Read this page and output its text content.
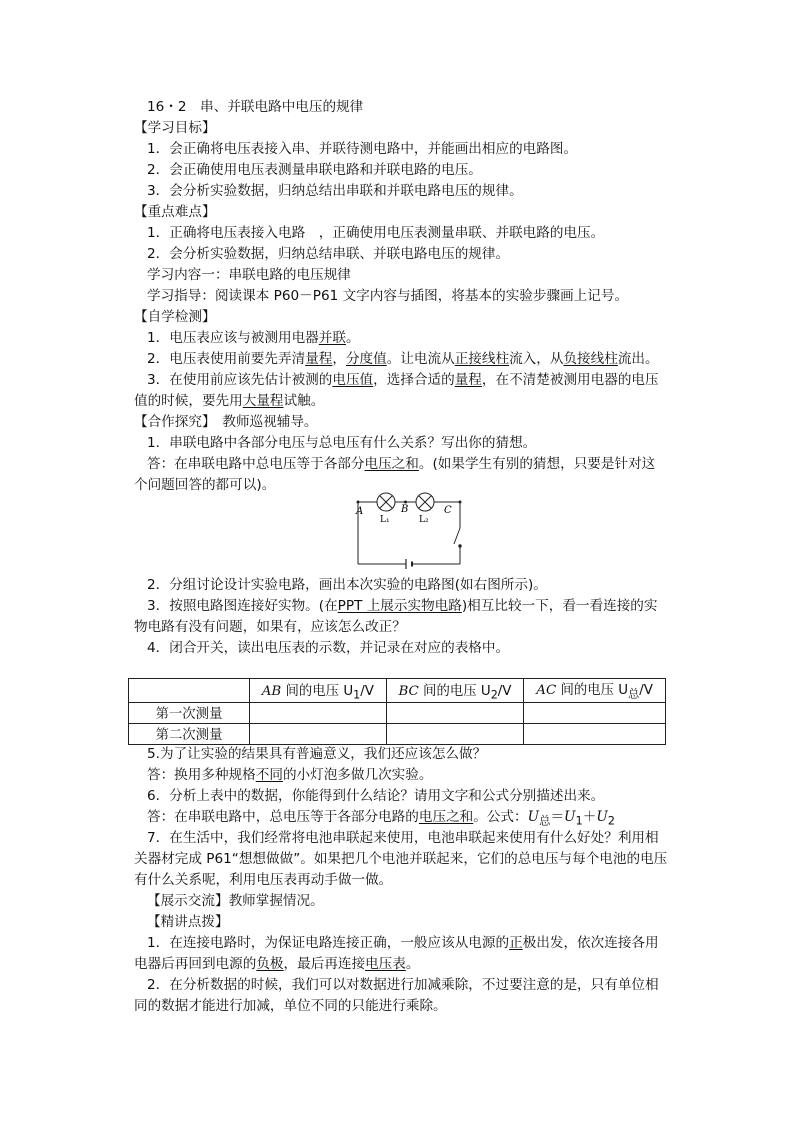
16・2　串、并联电路中电压的规律
【学习目标】
1．会正确将电压表接入串、并联待测电路中，并能画出相应的电路图。
2．会正确使用电压表测量串联电路和并联电路的电压。
3．会分析实验数据，归纳总结出串联和并联电路电压的规律。
【重点难点】
1．正确将电压表接入电路　，正确使用电压表测量串联、并联电路的电压。
2．会分析实验数据，归纳总结串联、并联电路电压的规律。
学习内容一：串联电路的电压规律
学习指导：阅读课本 P60－P61 文字内容与插图，将基本的实验步骤画上记号。
【自学检测】
1．电压表应该与被测用电器并联。
2．电压表使用前要先弄清量程，分度值。让电流从正接线柱流入，从负接线柱流出。
3．在使用前应该先估计被测的电压值，选择合适的量程，在不清楚被测用电器的电压
值的时候，要先用大量程试触。
【合作探究】　 教师巡视辅导。
1．串联电路中各部分电压与总电压有什么关系？写出你的猜想。
答：在串联电路中总电压等于各部分电压之和。(如果学生有别的猜想，只要是针对这
个问题回答的都可以)。
A	B	C
L₁	L₂
2．分组讨论设计实验电路，画出本次实验的电路图(如右图所示)。
3．按照电路图连接好实物。(在PPT 上展示实物电路)相互比较一下，看一看连接的实
物电路有没有问题，如果有，应该怎么改正？
4．闭合开关，读出电压表的示数，并记录在对应的表格中。
	AB 间的电压 $U_1/V$	BC 间的电压 $U_2/V$	AC 间的电压 $U_总/V$
第一次测量			
第二次测量			
5.为了让实验的结果具有普遍意义，我们还应该怎么做？
答：换用多种规格不同的小灯泡多做几次实验。
6．分析上表中的数据，你能得到什么结论？请用文字和公式分别描述出来。
答：在串联电路中，总电压等于各部分电路的电压之和。公式：$U_总=U_1+U_2$
7．在生活中，我们经常将电池串联起来使用，电池串联起来使用有什么好处？利用相
关器材完成 P61“想想做做”。如果把几个电池并联起来，它们的总电压与每个电池的电压
有什么关系呢，利用电压表再动手做一做。
【展示交流】教师掌握情况。
【精讲点拨】
1．在连接电路时，为保证电路连接正确，一般应该从电源的正极出发，依次连接各用
电器后再回到电源的负极，最后再连接电压表。
2．在分析数据的时候，我们可以对数据进行加减乘除，不过要注意的是，只有单位相
同的数据才能进行加减，单位不同的只能进行乘除。
